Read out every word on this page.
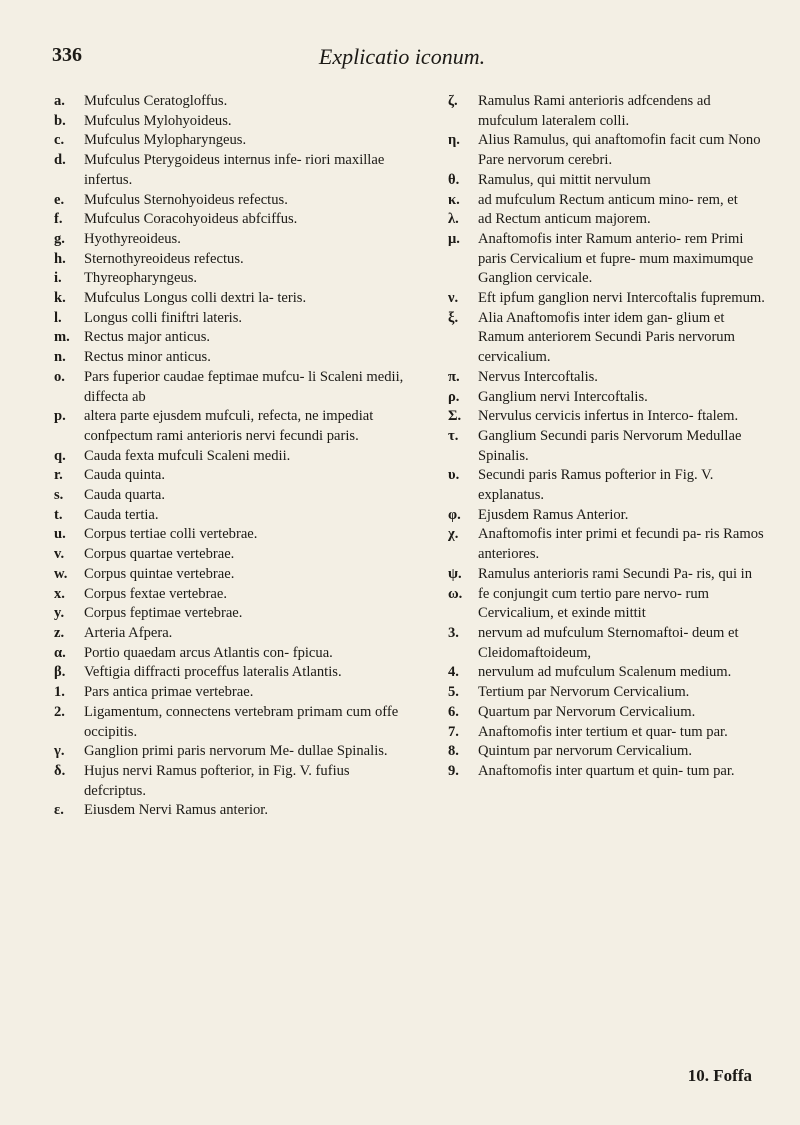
336	Explicatio iconum.

a.	Mufculus Ceratogloffus.

b.	Mufculus Mylohyoideus.

c.	Mufculus Mylopharyngeus.

d.	Mufculus Pterygoideus internus infe- riori maxillae infertus.

e.	Mufculus Sternohyoideus refectus.

f.	Mufculus Coracohyoideus abfciffus.

g.	Hyothyreoideus.

h.	Sternothyreoideus refectus.

i.	Thyreopharyngeus.

k.	Mufculus Longus colli dextri la- teris.

l.	Longus colli finiftri lateris.

m. Rectus major anticus.

n.	Rectus minor anticus.

o.	Pars fuperior caudae feptimae mufcu- li Scaleni medii, diffecta ab

p.	altera parte ejusdem mufculi, refecta, ne impediat confpectum rami anterioris nervi fecundi paris.

q.	Cauda fexta mufculi Scaleni medii.

r.	Cauda quinta.

s.	Cauda quarta.

t.	Cauda tertia.

u.	Corpus tertiae colli vertebrae.

v.	Corpus quartae vertebrae.

w.	Corpus quintae vertebrae.

x.	Corpus fextae vertebrae.

y.	Corpus feptimae vertebrae.

z.	Arteria Afpera.

α.	Portio quaedam arcus Atlantis con- fpicua.

β.	Veftigia diffracti proceffus lateralis Atlantis.

1.	Pars antica primae vertebrae.

2.	Ligamentum, connectens vertebram primam cum offe occipitis.

γ.	Ganglion primi paris nervorum Me- dullae Spinalis.

δ.	Hujus nervi Ramus pofterior, in Fig. V. fufius defcriptus.

ε.	Eiusdem Nervi Ramus anterior.

ζ.	Ramulus Rami anterioris adfcendens ad mufculum lateralem colli.

η.	Alius Ramulus, qui anaftomofin facit cum Nono Pare nervorum cerebri.

θ.	Ramulus, qui mittit nervulum

κ.	ad mufculum Rectum anticum mino- rem, et

λ.	ad Rectum anticum majorem.

μ.	Anaftomofis inter Ramum anterio- rem Primi paris Cervicalium et fupre- mum maximumque Ganglion cervicale.

ν.	Eft ipfum ganglion nervi Intercoftalis fupremum.

ξ.	Alia Anaftomofis inter idem gan- glium et Ramum anteriorem Secundi Paris nervorum cervicalium.

π.	Nervus Intercoftalis.

ρ.	Ganglium nervi Intercoftalis.

Σ.	Nervulus cervicis infertus in Interco- ftalem.

τ.	Ganglium Secundi paris Nervorum Medullae Spinalis.

υ.	Secundi paris Ramus pofterior in Fig. V. explanatus.

φ.	Ejusdem Ramus Anterior.

χ.	Anaftomofis inter primi et fecundi pa- ris Ramos anteriores.

ψ.	Ramulus anterioris rami Secundi Pa- ris, qui in

ω.	fe conjungit cum tertio pare nervo- rum Cervicalium, et exinde mittit

3.	nervum ad mufculum Sternomaftoi- deum et Cleidomaftoideum,

4.	nervulum ad mufculum Scalenum medium.

5.	Tertium par Nervorum Cervicalium.

6.	Quartum par Nervorum Cervicalium.

7.	Anaftomofis inter tertium et quar- tum par.

8.	Quintum par nervorum Cervicalium.

9.	Anaftomofis inter quartum et quin- tum par.

10. Foffa
